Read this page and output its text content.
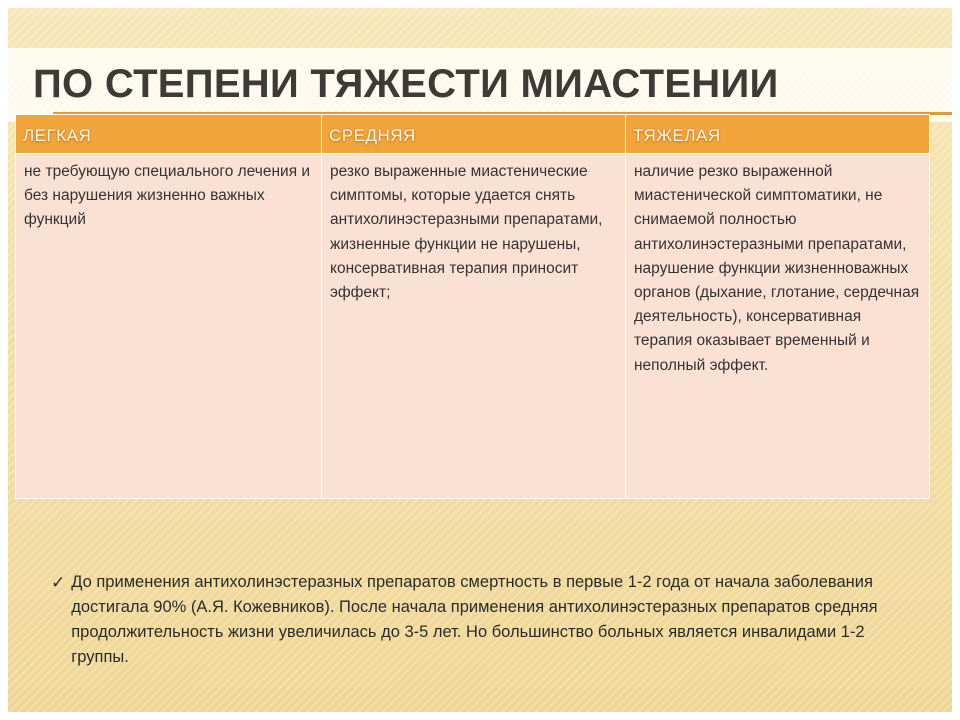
ПО СТЕПЕНИ ТЯЖЕСТИ МИАСТЕНИИ
ЛЕГКАЯ	СРЕДНЯЯ	ТЯЖЕЛАЯ
не требующую специального лечения и без нарушения жизненно важных функций	резко выраженные миастенические симптомы, которые удается снять антихолинэстеразными препаратами, жизненные функции не нарушены, консервативная терапия приносит эффект;	наличие резко выраженной миастенической симптоматики, не снимаемой полностью антихолинэстеразными препаратами, нарушение функции жизненноважных органов (дыхание, глотание, сердечная деятельность), консервативная терапия оказывает временный и неполный эффект.
✓ До применения антихолинэстеразных препаратов смертность в первые 1-2 года от начала заболевания достигала 90% (А.Я. Кожевников). После начала применения антихолинэстеразных препаратов средняя продолжительность жизни увеличилась до 3-5 лет. Но большинство больных является инвалидами 1-2 группы.
